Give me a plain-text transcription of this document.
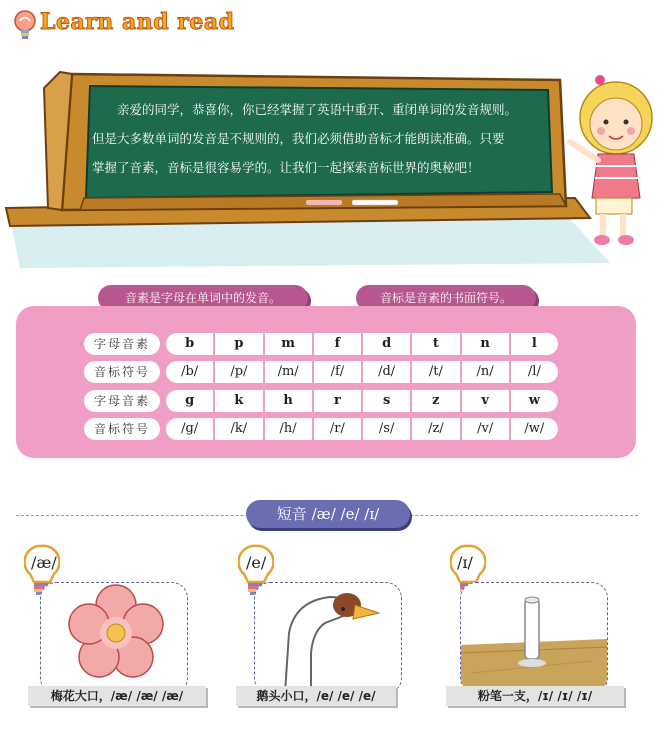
Learn and read

亲爱的同学，恭喜你，你已经掌握了英语中重开、重闭单词的发音规则。

但是大多数单词的发音是不规则的，我们必须借助音标才能朗读准确。只要

掌握了音素，音标是很容易学的。让我们一起探索音标世界的奥秘吧！

音素是字母在单词中的发音。	音标是音素的书面符号。
字母音素	b	p	m	f	d	t	n	l
音标符号	/b/	/p/	/m/	/f/	/d/	/t/	/n/	/l/
字母音素	g	k	h	r	s	z	v	w
音标符号	/g/	/k/	/h/	/r/	/s/	/z/	/v/	/w/
短音 /æ/ /e/ /ɪ/
/æ/
梅花大口，/æ/ /æ/ /æ/
/e/
鹅头小口，/e/ /e/ /e/
/ɪ/
粉笔一支，/ɪ/ /ɪ/ /ɪ/
